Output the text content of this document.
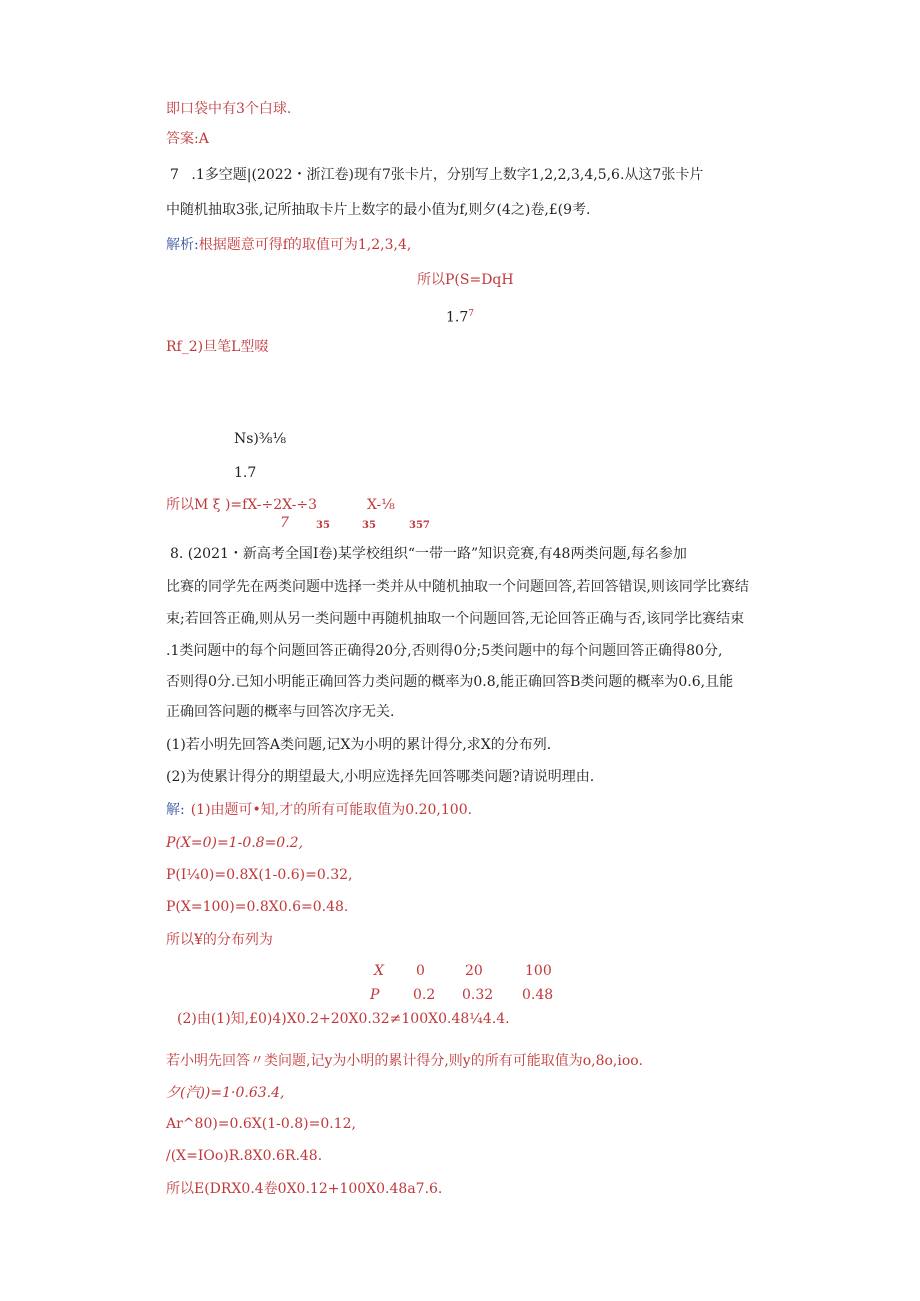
即口袋中有3个白球.
答案:A
7 .1多空题|(2022・浙江卷)现有7张卡片，分别写上数字1,2,2,3,4,5,6.从这7张卡片
中随机抽取3张,记所抽取卡片上数字的最小值为f,则夕(4之)卷,£(9考.
解析:根据题意可得f的取值可为1,2,3,4,
所以P(S=DqH
$1.7^7$
Rf_2)旦笔L型啜
Ns)⅜⅛
1.7
所以M ξ )=fX-÷2X-÷3	X-⅛
7	35	35	357
8. (2021・新高考全国I卷)某学校组织“一带一路”知识竞赛,有48两类问题,每名参加
比赛的同学先在两类问题中选择一类并从中随机抽取一个问题回答,若回答错误,则该同学比赛结
束;若回答正确,则从另一类问题中再随机抽取一个问题回答,无论回答正确与否,该同学比赛结束
.1类问题中的每个问题回答正确得20分,否则得0分;5类问题中的每个问题回答正确得80分,
否则得0分.已知小明能正确回答力类问题的概率为0.8,能正确回答B类问题的概率为0.6,且能
正确回答问题的概率与回答次序无关.
(1)若小明先回答A类问题,记X为小明的累计得分,求X的分布列.
(2)为使累计得分的期望最大,小明应选择先回答哪类问题?请说明理由.
解: (1)由题可•知,才的所有可能取值为0.20,100.
P(X=0)=1-0.8=0.2,
P(I¼0)=0.8X(1-0.6)=0.32,
P(X=100)=0.8X0.6=0.48.
所以¥的分布列为
X 0	20	100
P 0.2 0.32 0.48
(2)由(1)知,£0)4)X0.2+20X0.32≠100X0.48¼4.4.
若小明先回答〃类问题,记y为小明的累计得分,则y的所有可能取值为o,8o,ioo.
夕(汽))=1·0.63.4,
Ar^80)=0.6X(1-0.8)=0.12,
/(X=IOo)R.8X0.6R.48.
所以E(DRX0.4卷0X0.12+100X0.48a7.6.
